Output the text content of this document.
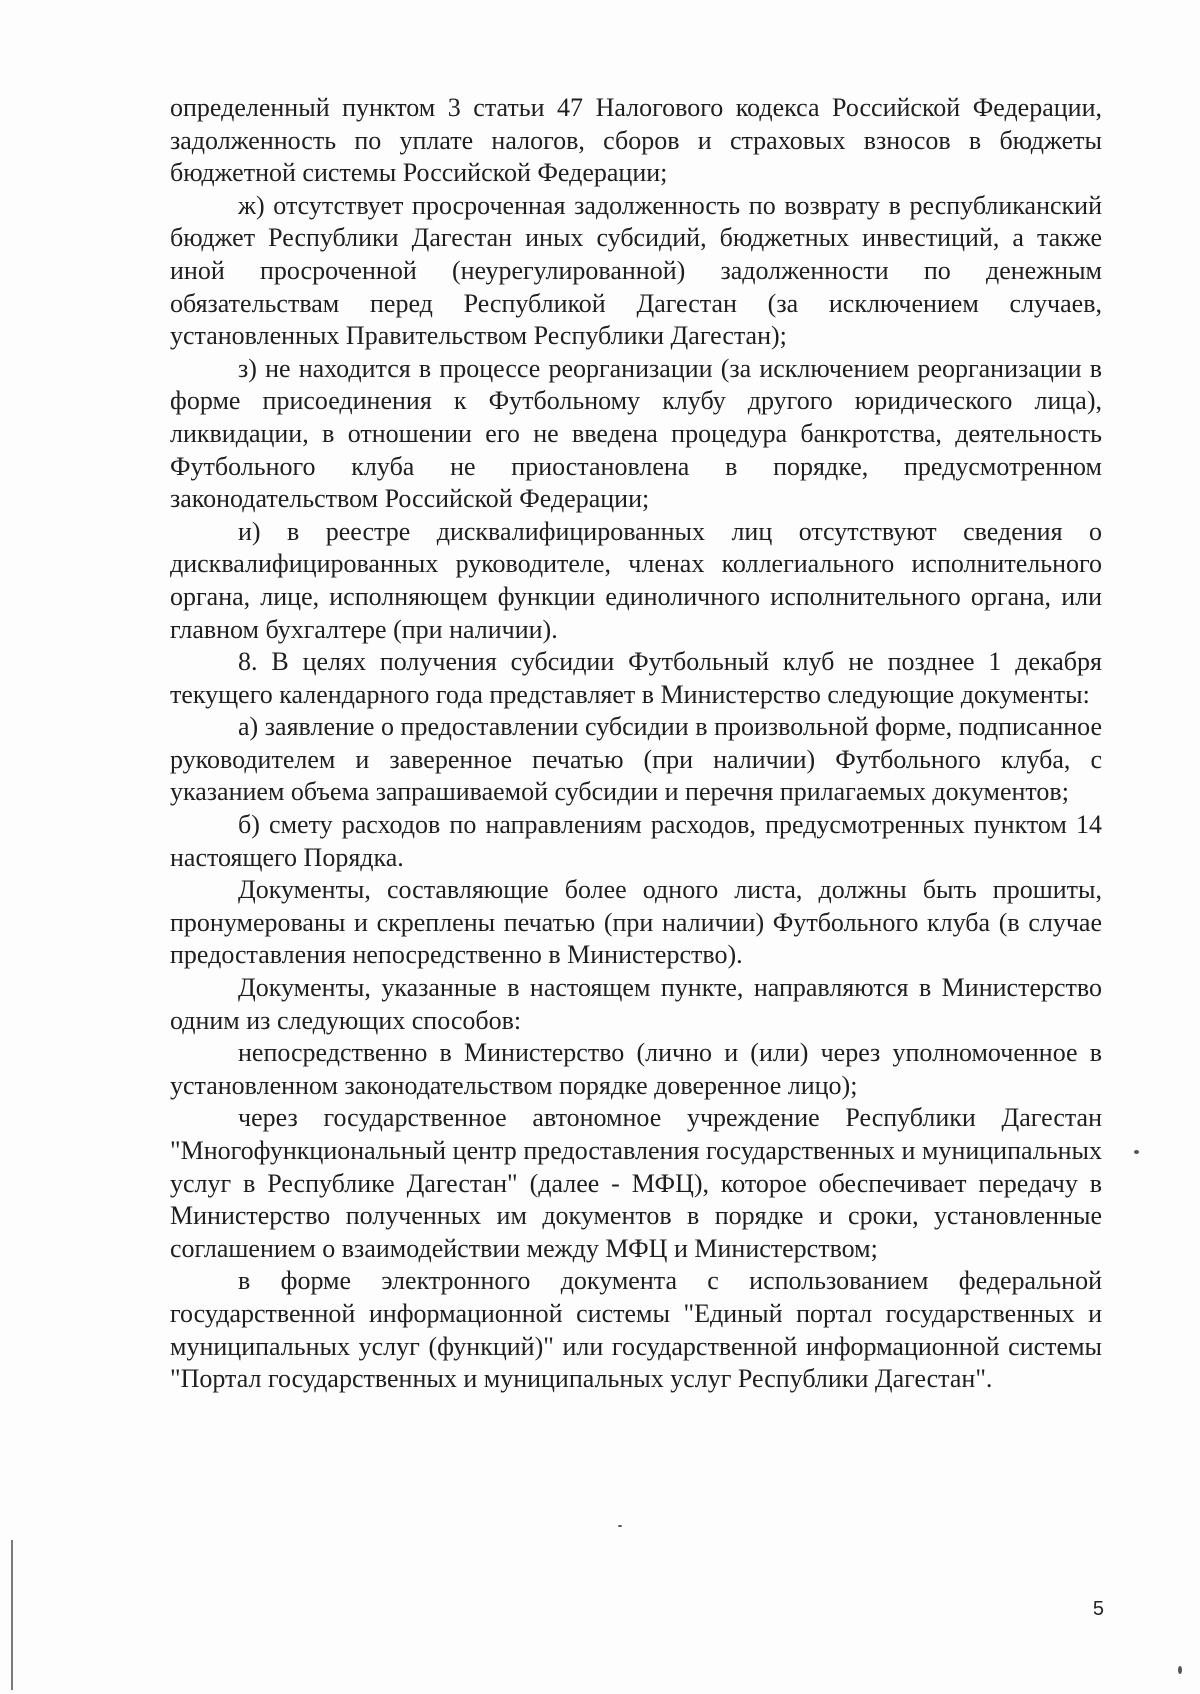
определенный пунктом 3 статьи 47 Налогового кодекса Российской Федерации, задолженность по уплате налогов, сборов и страховых взносов в бюджеты бюджетной системы Российской Федерации;

ж) отсутствует просроченная задолженность по возврату в республиканский бюджет Республики Дагестан иных субсидий, бюджетных инвестиций, а также иной просроченной (неурегулированной) задолженности по денежным обязательствам перед Республикой Дагестан (за исключением случаев, установленных Правительством Республики Дагестан);

з) не находится в процессе реорганизации (за исключением реорганизации в форме присоединения к Футбольному клубу другого юридического лица), ликвидации, в отношении его не введена процедура банкротства, деятельность Футбольного клуба не приостановлена в порядке, предусмотренном законодательством Российской Федерации;

и) в реестре дисквалифицированных лиц отсутствуют сведения о дисквалифицированных руководителе, членах коллегиального исполнительного органа, лице, исполняющем функции единоличного исполнительного органа, или главном бухгалтере (при наличии).

8. В целях получения субсидии Футбольный клуб не позднее 1 декабря текущего календарного года представляет в Министерство следующие документы:

а) заявление о предоставлении субсидии в произвольной форме, подписанное руководителем и заверенное печатью (при наличии) Футбольного клуба, с указанием объема запрашиваемой субсидии и перечня прилагаемых документов;

б) смету расходов по направлениям расходов, предусмотренных пунктом 14 настоящего Порядка.

Документы, составляющие более одного листа, должны быть прошиты, пронумерованы и скреплены печатью (при наличии) Футбольного клуба (в случае предоставления непосредственно в Министерство).

Документы, указанные в настоящем пункте, направляются в Министерство одним из следующих способов:

непосредственно в Министерство (лично и (или) через уполномоченное в установленном законодательством порядке доверенное лицо);

через государственное автономное учреждение Республики Дагестан "Многофункциональный центр предоставления государственных и муниципальных услуг в Республике Дагестан" (далее - МФЦ), которое обеспечивает передачу в Министерство полученных им документов в порядке и сроки, установленные соглашением о взаимодействии между МФЦ и Министерством;

в форме электронного документа с использованием федеральной государственной информационной системы "Единый портал государственных и муниципальных услуг (функций)" или государственной информационной системы "Портал государственных и муниципальных услуг Республики Дагестан".

5
